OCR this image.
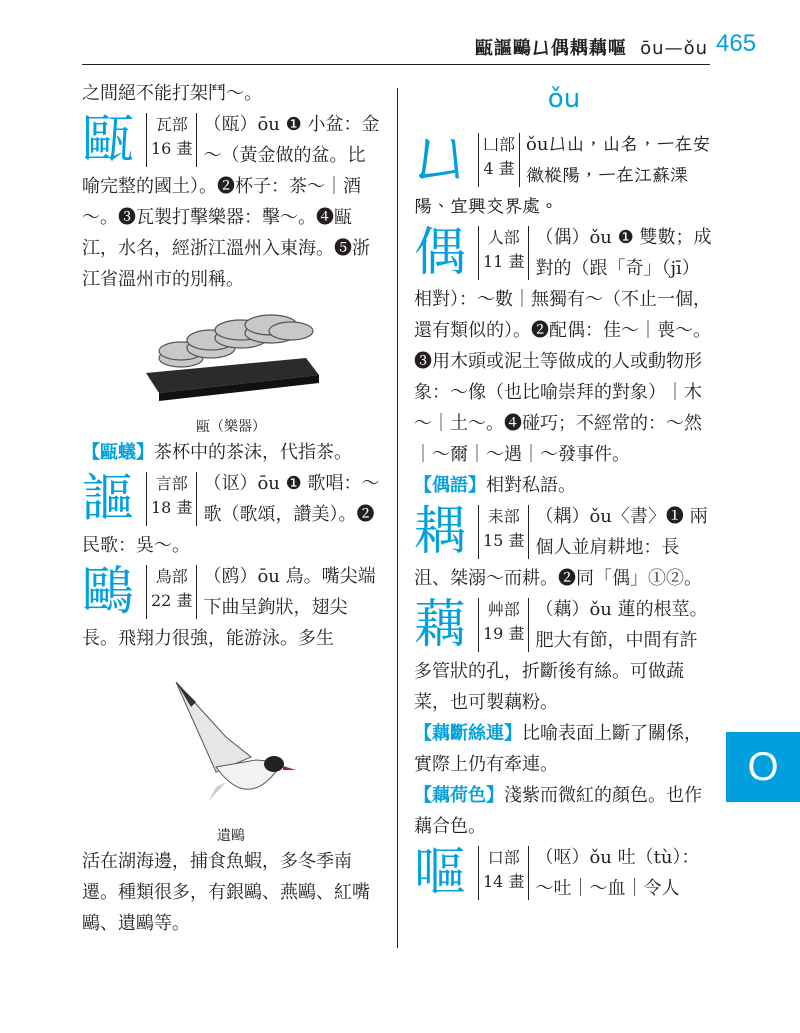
甌謳鷗𠙴偶耦藕嘔 ōu—ǒu 465

之間絕不能打架鬥～。

甌	瓦部
16 畫
（瓯）ōu ❶ 小盆：金～（黃金做的盆。比喻完整的國土）。❷杯子：茶～｜酒～。❸瓦製打擊樂器：擊～。❹甌江，水名，經浙江溫州入東海。❺浙江省溫州市的別稱。
甌（樂器）

【甌蟻】茶杯中的茶沫，代指茶。

謳	言部
18 畫
（讴）ōu ❶ 歌唱：～歌（歌頌，讚美）。❷民歌：吳～。
鷗	鳥部
22 畫
（鸥）ōu 鳥。嘴尖端下曲呈鉤狀，翅尖長。飛翔力很強，能游泳。多生
遺鷗

活在湖海邊，捕食魚蝦，多冬季南遷。種類很多，有銀鷗、燕鷗、紅嘴鷗、遺鷗等。

ǒu
𠙴	凵部
4 畫
ǒu𠙴山，山名，一在安徽樅陽，一在江蘇溧陽、宜興交界處。
偶	人部
11 畫
（偶）ǒu ❶ 雙數；成對的（跟「奇」（jī）相對）：～數｜無獨有～（不止一個，還有類似的）。❷配偶：佳～｜喪～。❸用木頭或泥土等做成的人或動物形象：～像（也比喻崇拜的對象）｜木～｜土～。❹碰巧；不經常的：～然｜～爾｜～遇｜～發事件。

【偶語】相對私語。

耦	耒部
15 畫
（耦）ǒu〈書〉❶ 兩個人並肩耕地：長沮、桀溺～而耕。❷同「偶」①②。
藕	艸部
19 畫
（藕）ǒu 蓮的根莖。肥大有節，中間有許多管狀的孔，折斷後有絲。可做蔬菜，也可製藕粉。

【藕斷絲連】比喻表面上斷了關係，實際上仍有牽連。

【藕荷色】淺紫而微紅的顏色。也作藕合色。

嘔	口部
14 畫
（呕）ǒu 吐（tù）：～吐｜～血｜令人
O
